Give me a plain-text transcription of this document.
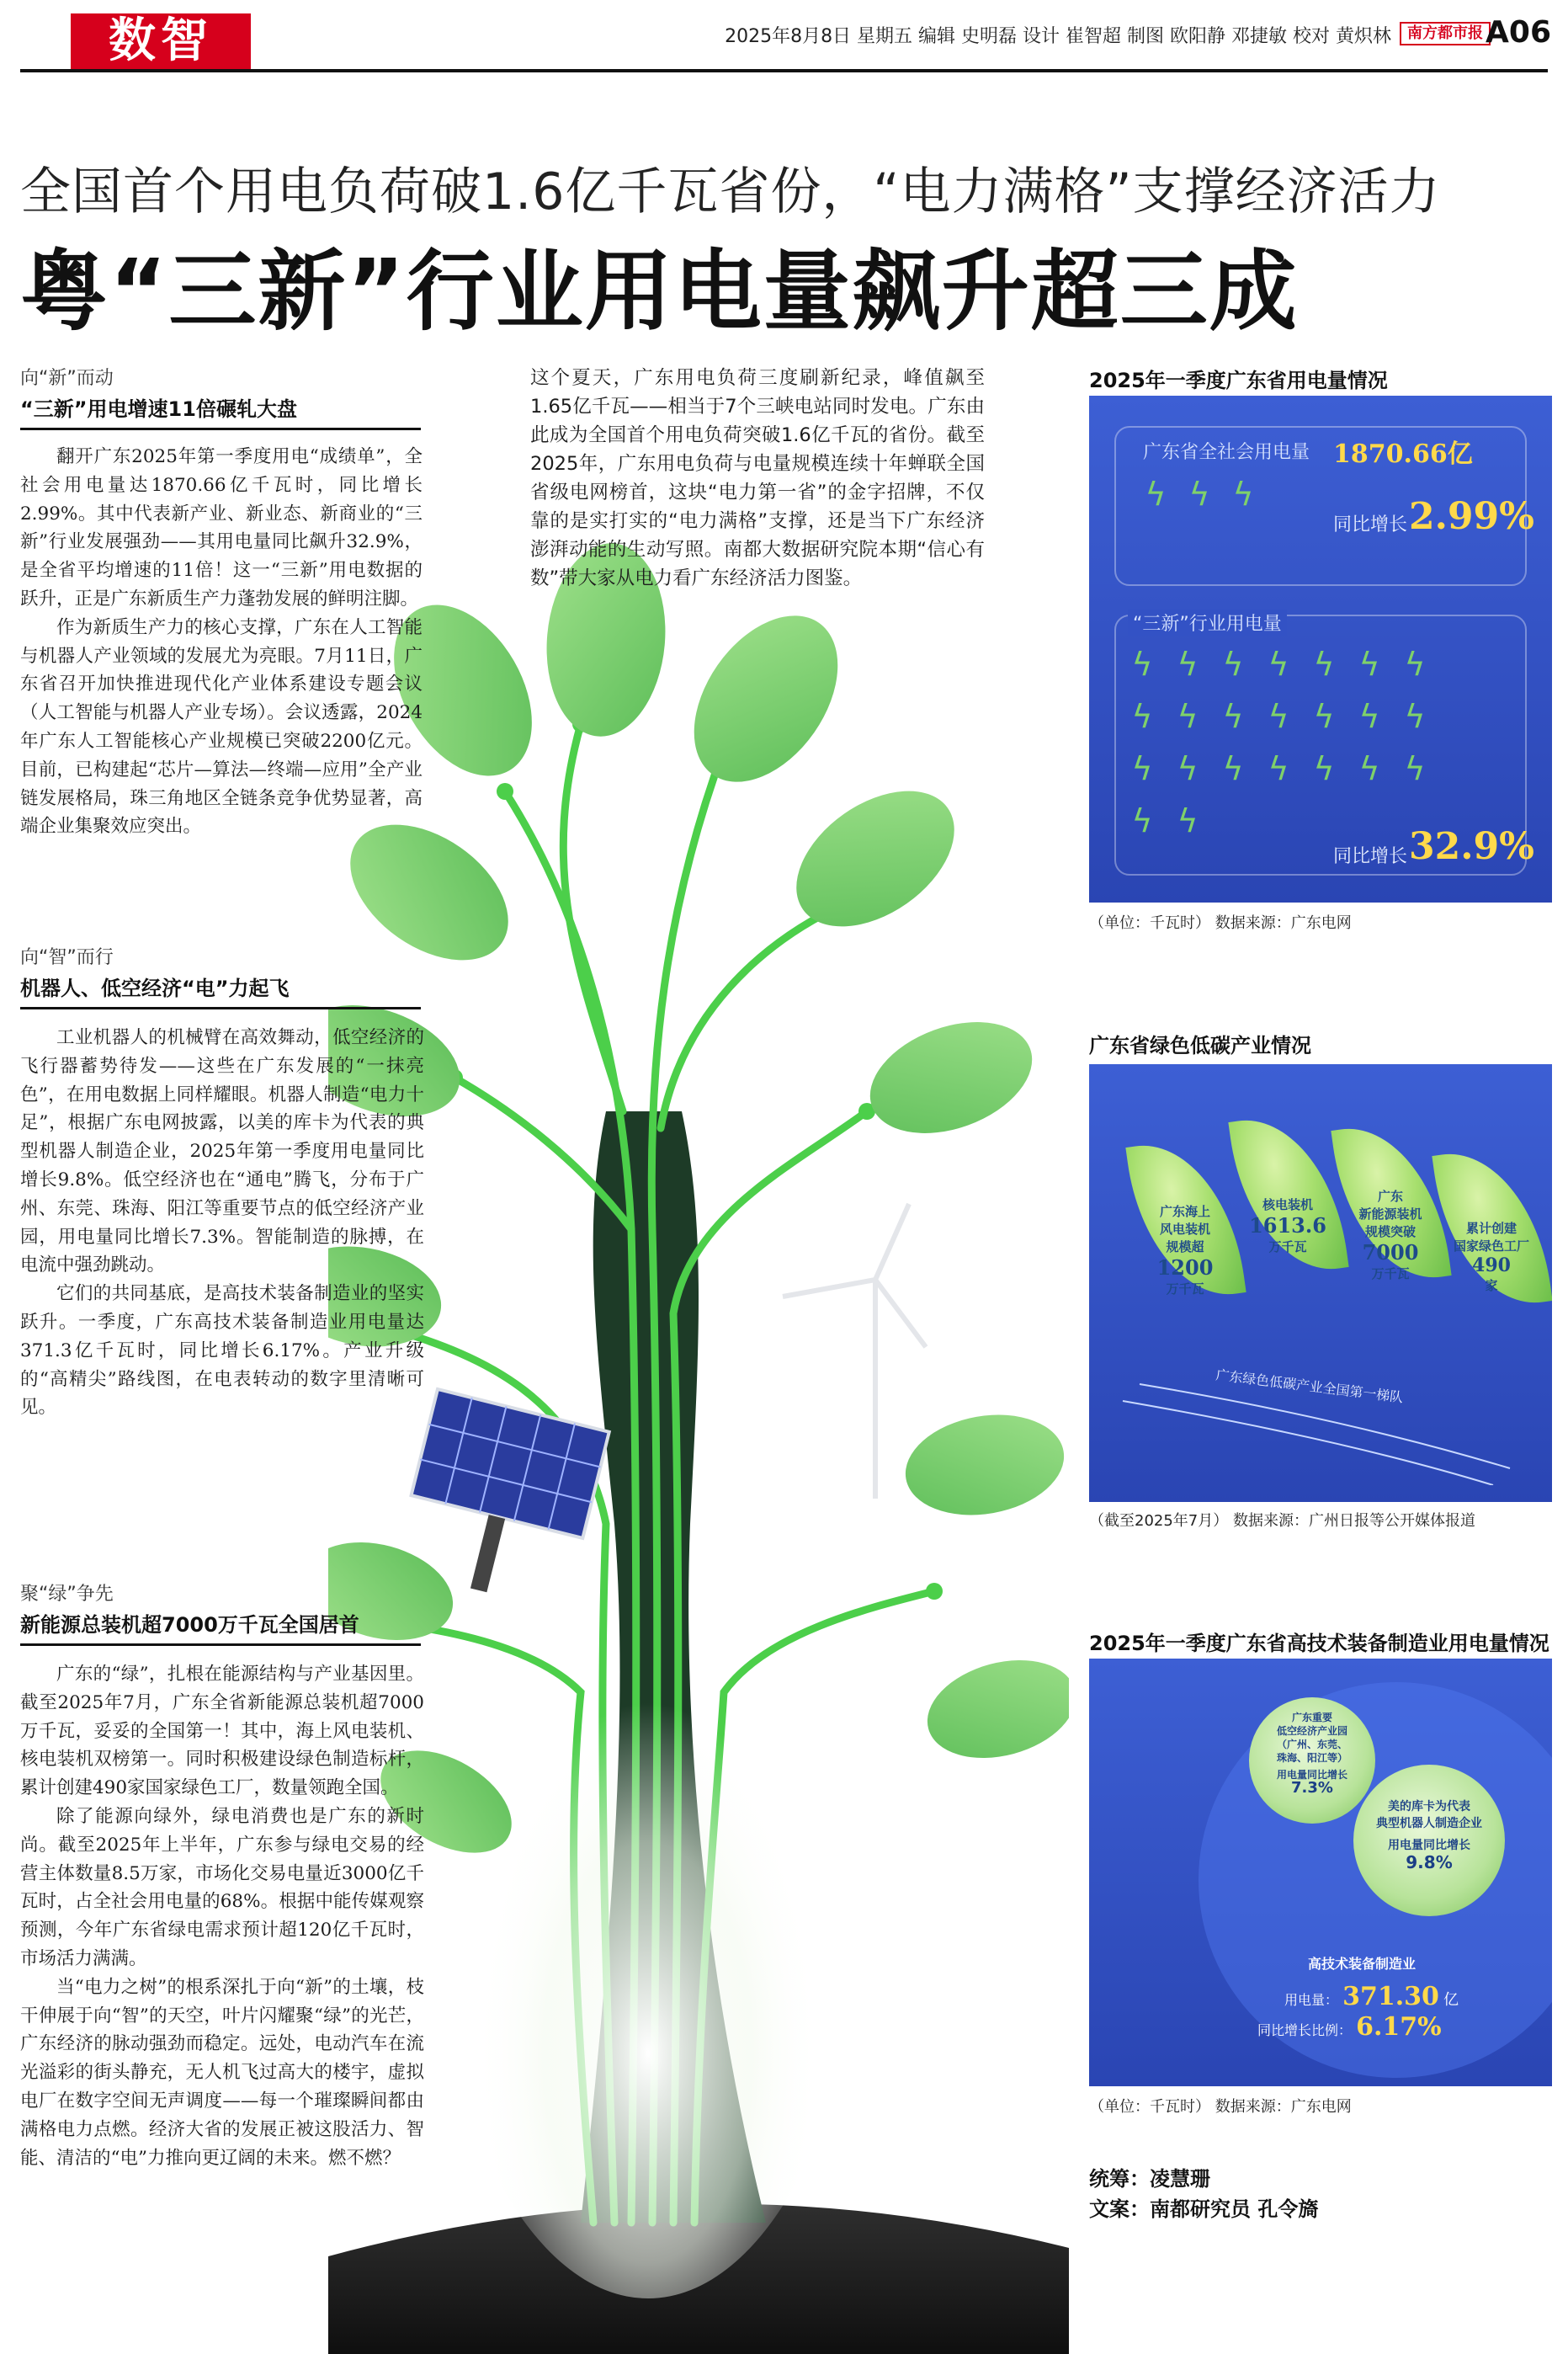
数智	2025年8月8日 星期五 编辑 史明磊 设计 崔智超 制图 欧阳静 邓捷敏 校对 黄炽林	南方都市报 A06
全国首个用电负荷破1.6亿千瓦省份，“电力满格”支撑经济活力
粤“三新”行业用电量飙升超三成
向“新”而动
“三新”用电增速11倍碾轧大盘

翻开广东2025年第一季度用电“成绩单”，全社会用电量达1870.66亿千瓦时，同比增长2.99%。其中代表新产业、新业态、新商业的“三新”行业发展强劲——其用电量同比飙升32.9%，是全省平均增速的11倍！这一“三新”用电数据的跃升，正是广东新质生产力蓬勃发展的鲜明注脚。

作为新质生产力的核心支撑，广东在人工智能与机器人产业领域的发展尤为亮眼。7月11日，广东省召开加快推进现代化产业体系建设专题会议（人工智能与机器人产业专场）。会议透露，2024年广东人工智能核心产业规模已突破2200亿元。目前，已构建起“芯片—算法—终端—应用”全产业链发展格局，珠三角地区全链条竞争优势显著，高端企业集聚效应突出。

向“智”而行
机器人、低空经济“电”力起飞

工业机器人的机械臂在高效舞动，低空经济的飞行器蓄势待发——这些在广东发展的“一抹亮色”，在用电数据上同样耀眼。机器人制造“电力十足”，根据广东电网披露，以美的库卡为代表的典型机器人制造企业，2025年第一季度用电量同比增长9.8%。低空经济也在“通电”腾飞，分布于广州、东莞、珠海、阳江等重要节点的低空经济产业园，用电量同比增长7.3%。智能制造的脉搏，在电流中强劲跳动。

它们的共同基底，是高技术装备制造业的坚实跃升。一季度，广东高技术装备制造业用电量达371.3亿千瓦时，同比增长6.17%。产业升级的“高精尖”路线图，在电表转动的数字里清晰可见。

聚“绿”争先
新能源总装机超7000万千瓦全国居首

广东的“绿”，扎根在能源结构与产业基因里。截至2025年7月，广东全省新能源总装机超7000万千瓦，妥妥的全国第一！其中，海上风电装机、核电装机双榜第一。同时积极建设绿色制造标杆，累计创建490家国家绿色工厂，数量领跑全国。

除了能源向绿外，绿电消费也是广东的新时尚。截至2025年上半年，广东参与绿电交易的经营主体数量8.5万家，市场化交易电量近3000亿千瓦时，占全社会用电量的68%。根据中能传媒观察预测，今年广东省绿电需求预计超120亿千瓦时，市场活力满满。

当“电力之树”的根系深扎于向“新”的土壤，枝干伸展于向“智”的天空，叶片闪耀聚“绿”的光芒，广东经济的脉动强劲而稳定。远处，电动汽车在流光溢彩的街头静充，无人机飞过高大的楼宇，虚拟电厂在数字空间无声调度——每一个璀璨瞬间都由满格电力点燃。经济大省的发展正被这股活力、智能、清洁的“电”力推向更辽阔的未来。燃不燃？

这个夏天，广东用电负荷三度刷新纪录，峰值飙至1.65亿千瓦——相当于7个三峡电站同时发电。广东由此成为全国首个用电负荷突破1.6亿千瓦的省份。截至2025年，广东用电负荷与电量规模连续十年蝉联全国省级电网榜首，这块“电力第一省”的金字招牌，不仅靠的是实打实的“电力满格”支撑，还是当下广东经济澎湃动能的生动写照。南都大数据研究院本期“信心有数”带大家从电力看广东经济活力图鉴。
2025年一季度广东省用电量情况
广东省全社会用电量 1870.66亿
ϟ ϟ ϟ
同比增长 2.99%
“三新”行业用电量
ϟ ϟ ϟ ϟ ϟ ϟ ϟ
ϟ ϟ ϟ ϟ ϟ ϟ ϟ
ϟ ϟ ϟ ϟ ϟ ϟ ϟ
ϟ ϟ
同比增长 32.9%
（单位：千瓦时） 数据来源：广东电网
广东省绿色低碳产业情况
广东海上
风电装机
规模超
1200
万千瓦
核电装机
1613.6
万千瓦
广东
新能源装机
规模突破
7000
万千瓦
累计创建
国家绿色工厂
490
家
广东绿色低碳产业全国第一梯队
（截至2025年7月） 数据来源：广州日报等公开媒体报道
2025年一季度广东省高技术装备制造业用电量情况
广东重要
低空经济产业园
（广州、东莞、
珠海、阳江等）
用电量同比增长
7.3%
美的库卡为代表
典型机器人制造企业
用电量同比增长
9.8%
高技术装备制造业
用电量： 371.30 亿
同比增长比例： 6.17%
（单位：千瓦时） 数据来源：广东电网
统筹：凌慧珊
文案：南都研究员 孔令旖
